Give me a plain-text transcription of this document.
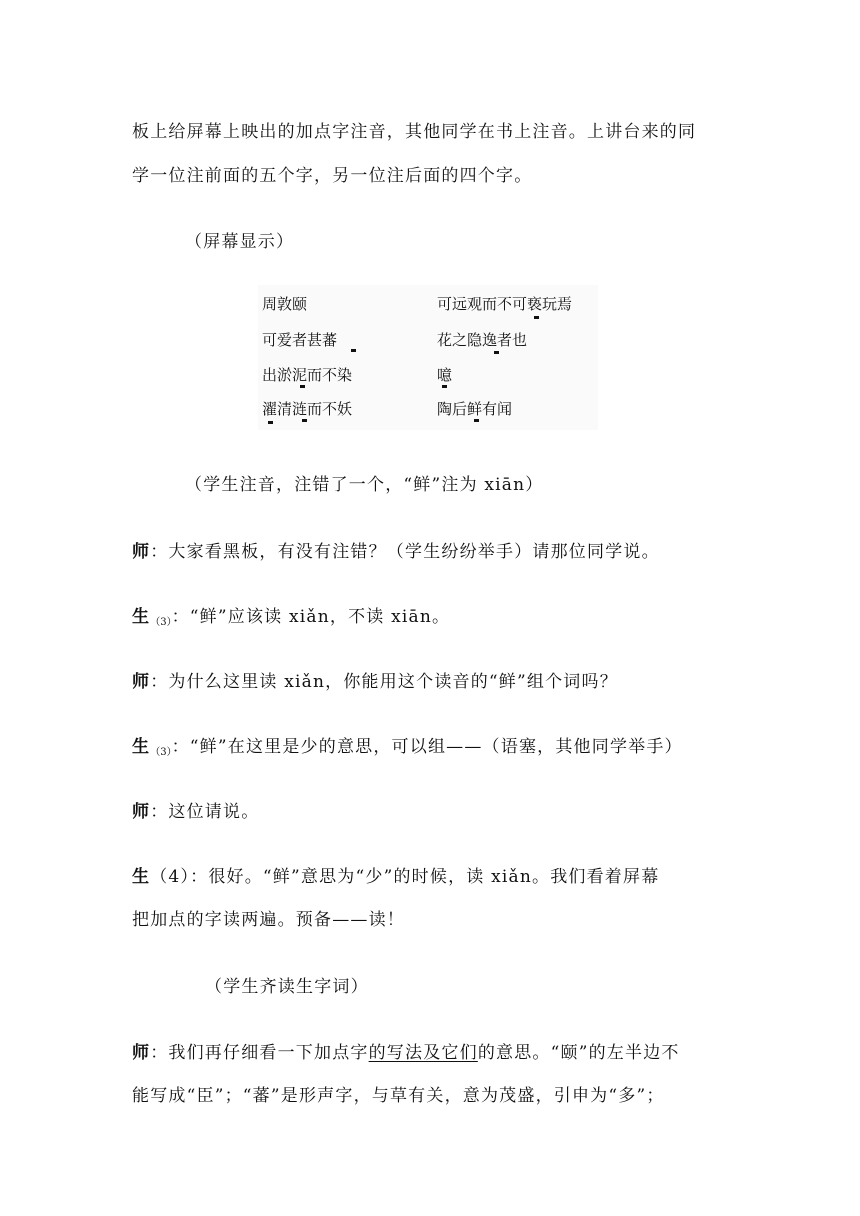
板上给屏幕上映出的加点字注音，其他同学在书上注音。上讲台来的同
学一位注前面的五个字，另一位注后面的四个字。
（屏幕显示）
周敦颐
可爱者甚蕃
出淤泥而不染
濯清涟而不妖
可远观而不可亵玩焉
花之隐逸者也
噫
陶后鲜有闻
（学生注音，注错了一个，“鲜”注为 xiān）
师：大家看黑板，有没有注错？（学生纷纷举手）请那位同学说。
生$_{(3)}$：“鲜”应该读 xiǎn，不读 xiān。
师：为什么这里读 xiǎn，你能用这个读音的“鲜”组个词吗？
生$_{(3)}$：“鲜”在这里是少的意思，可以组——（语塞，其他同学举手）
师：这位请说。
生（4）：很好。“鲜”意思为“少”的时候，读 xiǎn。我们看着屏幕
把加点的字读两遍。预备——读！
（学生齐读生字词）
师：我们再仔细看一下加点字的写法及它们的意思。“颐”的左半边不
能写成“臣”；“蕃”是形声字，与草有关，意为茂盛，引申为“多”；
